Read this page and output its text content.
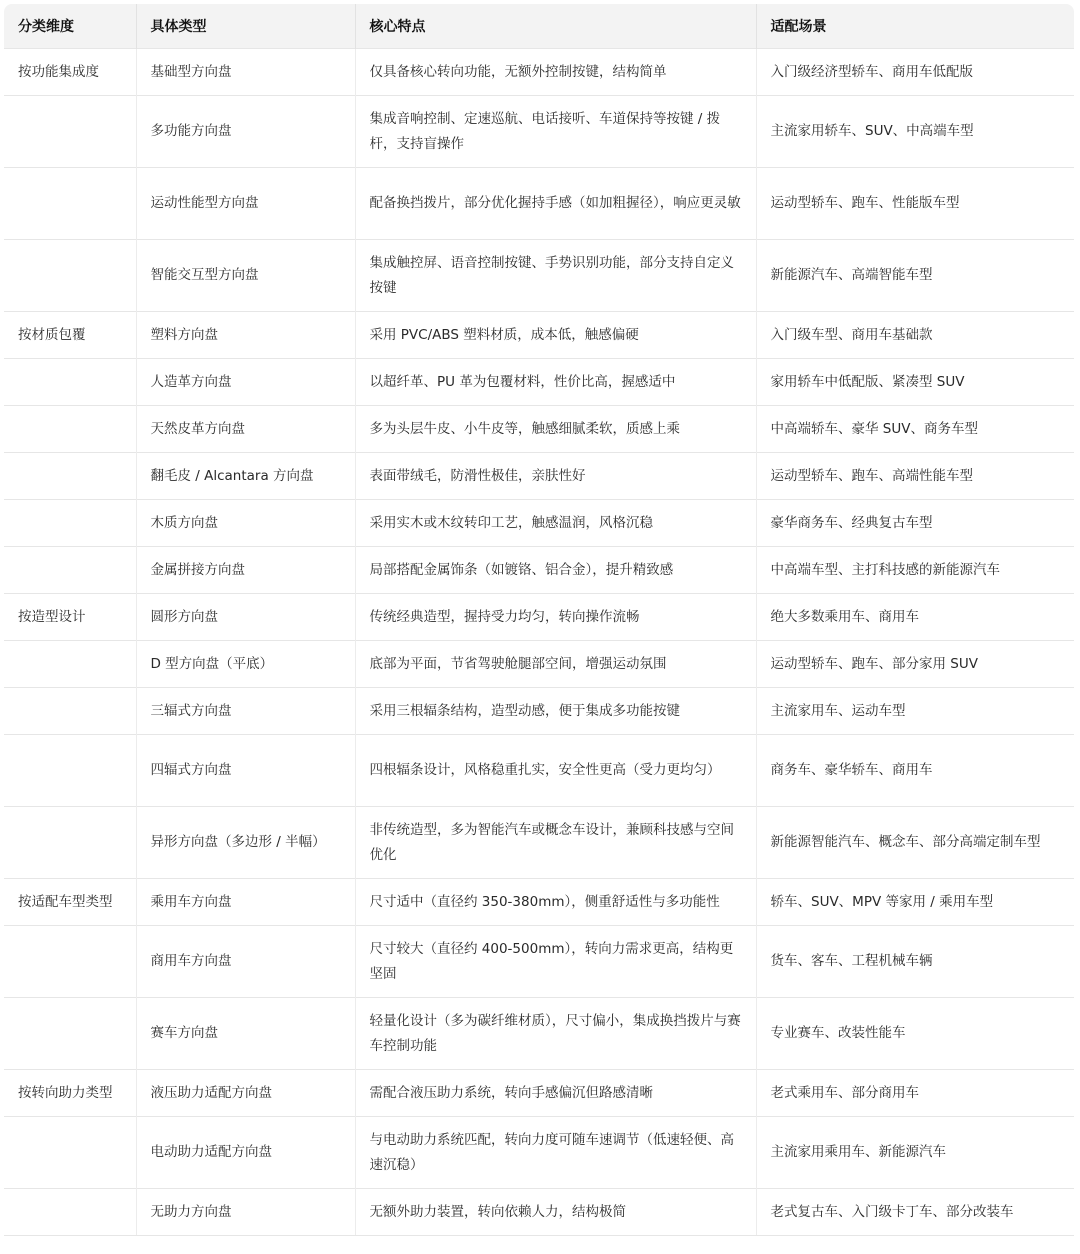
分类维度	具体类型	核心特点	适配场景
按功能集成度	基础型方向盘	仅具备核心转向功能，无额外控制按键，结构简单	入门级经济型轿车、商用车低配版
	多功能方向盘	集成音响控制、定速巡航、电话接听、车道保持等按键 / 拨杆，支持盲操作	主流家用轿车、SUV、中高端车型
	运动性能型方向盘	配备换挡拨片，部分优化握持手感（如加粗握径），响应更灵敏	运动型轿车、跑车、性能版车型
	智能交互型方向盘	集成触控屏、语音控制按键、手势识别功能，部分支持自定义按键	新能源汽车、高端智能车型
按材质包覆	塑料方向盘	采用 PVC/ABS 塑料材质，成本低，触感偏硬	入门级车型、商用车基础款
	人造革方向盘	以超纤革、PU 革为包覆材料，性价比高，握感适中	家用轿车中低配版、紧凑型 SUV
	天然皮革方向盘	多为头层牛皮、小牛皮等，触感细腻柔软，质感上乘	中高端轿车、豪华 SUV、商务车型
	翻毛皮 / Alcantara 方向盘	表面带绒毛，防滑性极佳，亲肤性好	运动型轿车、跑车、高端性能车型
	木质方向盘	采用实木或木纹转印工艺，触感温润，风格沉稳	豪华商务车、经典复古车型
	金属拼接方向盘	局部搭配金属饰条（如镀铬、铝合金），提升精致感	中高端车型、主打科技感的新能源汽车
按造型设计	圆形方向盘	传统经典造型，握持受力均匀，转向操作流畅	绝大多数乘用车、商用车
	D 型方向盘（平底）	底部为平面，节省驾驶舱腿部空间，增强运动氛围	运动型轿车、跑车、部分家用 SUV
	三辐式方向盘	采用三根辐条结构，造型动感，便于集成多功能按键	主流家用车、运动车型
	四辐式方向盘	四根辐条设计，风格稳重扎实，安全性更高（受力更均匀）	商务车、豪华轿车、商用车
	异形方向盘（多边形 / 半幅）	非传统造型，多为智能汽车或概念车设计，兼顾科技感与空间优化	新能源智能汽车、概念车、部分高端定制车型
按适配车型类型	乘用车方向盘	尺寸适中（直径约 350-380mm），侧重舒适性与多功能性	轿车、SUV、MPV 等家用 / 乘用车型
	商用车方向盘	尺寸较大（直径约 400-500mm），转向力需求更高，结构更坚固	货车、客车、工程机械车辆
	赛车方向盘	轻量化设计（多为碳纤维材质），尺寸偏小，集成换挡拨片与赛车控制功能	专业赛车、改装性能车
按转向助力类型	液压助力适配方向盘	需配合液压助力系统，转向手感偏沉但路感清晰	老式乘用车、部分商用车
	电动助力适配方向盘	与电动助力系统匹配，转向力度可随车速调节（低速轻便、高速沉稳）	主流家用乘用车、新能源汽车
	无助力方向盘	无额外助力装置，转向依赖人力，结构极简	老式复古车、入门级卡丁车、部分改装车
